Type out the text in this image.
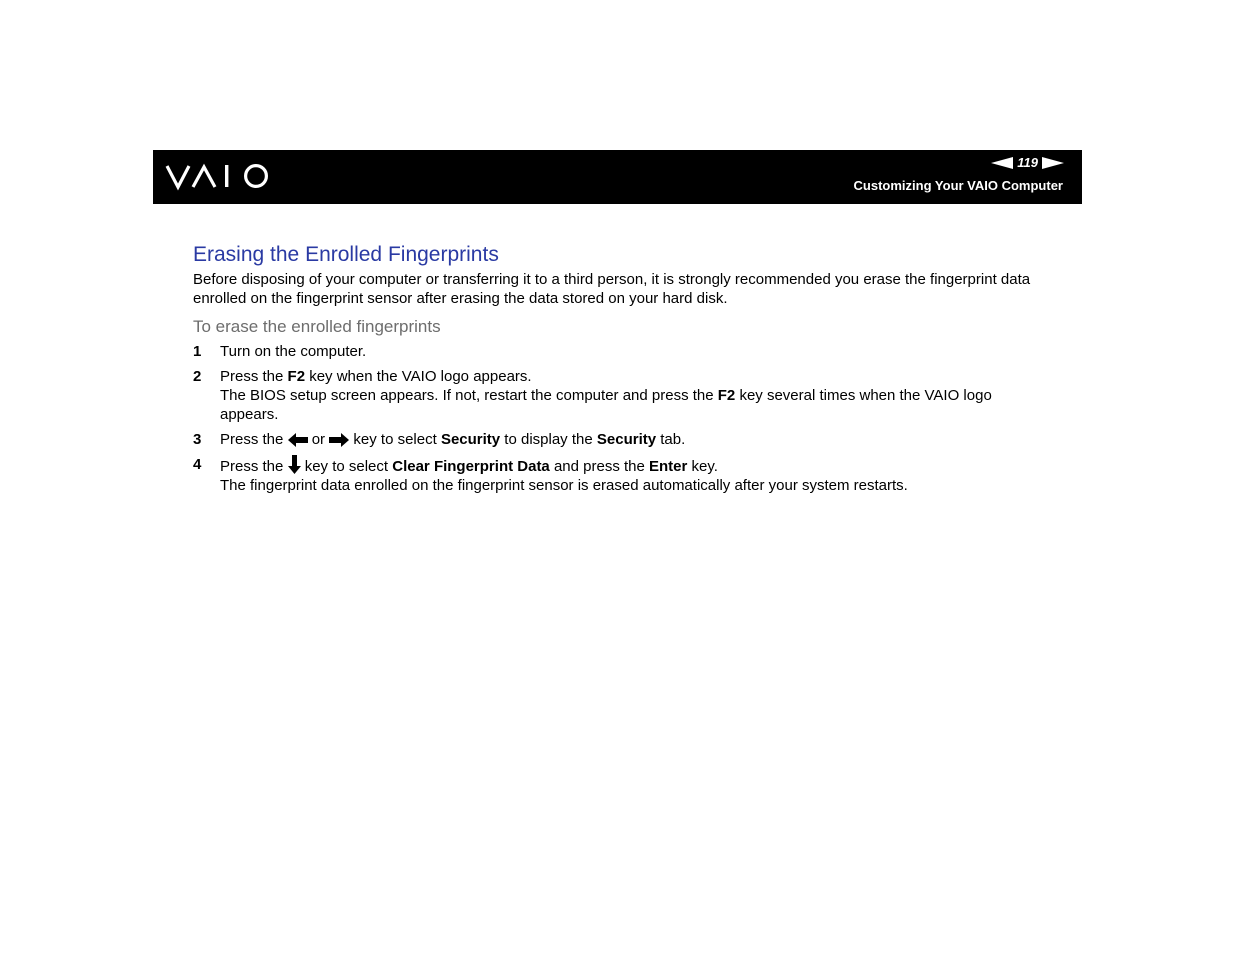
119
Customizing Your VAIO Computer
Erasing the Enrolled Fingerprints

Before disposing of your computer or transferring it to a third person, it is strongly recommended you erase the fingerprint data enrolled on the fingerprint sensor after erasing the data stored on your hard disk.

To erase the enrolled fingerprints
1 Turn on the computer.
2 Press the F2 key when the VAIO logo appears.
The BIOS setup screen appears. If not, restart the computer and press the F2 key several times when the VAIO logo appears.
3 Press the  or  key to select Security to display the Security tab.
4 Press the  key to select Clear Fingerprint Data and press the Enter key.
The fingerprint data enrolled on the fingerprint sensor is erased automatically after your system restarts.
